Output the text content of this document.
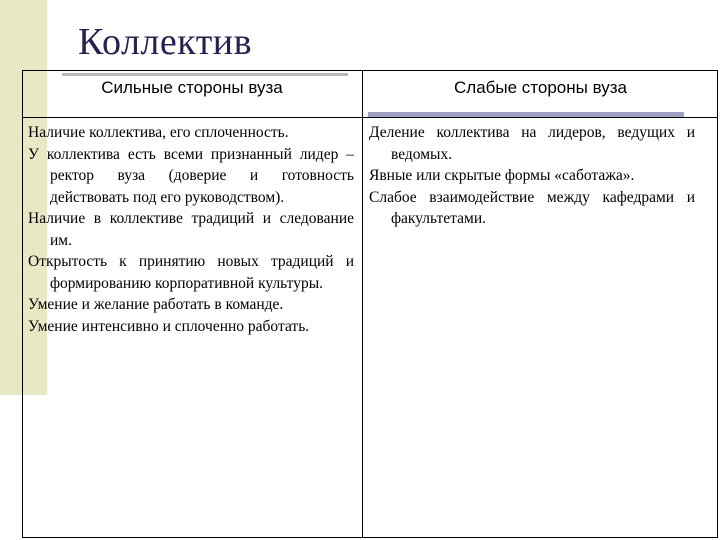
Коллектив
Сильные стороны вуза	Слабые стороны вуза

Наличие коллектива, его сплоченность.

У коллектива есть всеми признанный лидер – ректор вуза (доверие и готовность действовать под его руководством).

Наличие в коллективе традиций и следование им.

Открытость к принятию новых традиций и формированию корпоративной культуры.

Умение и желание работать в команде.

Умение интенсивно и сплоченно работать.

Деление коллектива на лидеров, ведущих и ведомых.

Явные или скрытые формы «саботажа».

Слабое взаимодействие между кафедрами и факультетами.
